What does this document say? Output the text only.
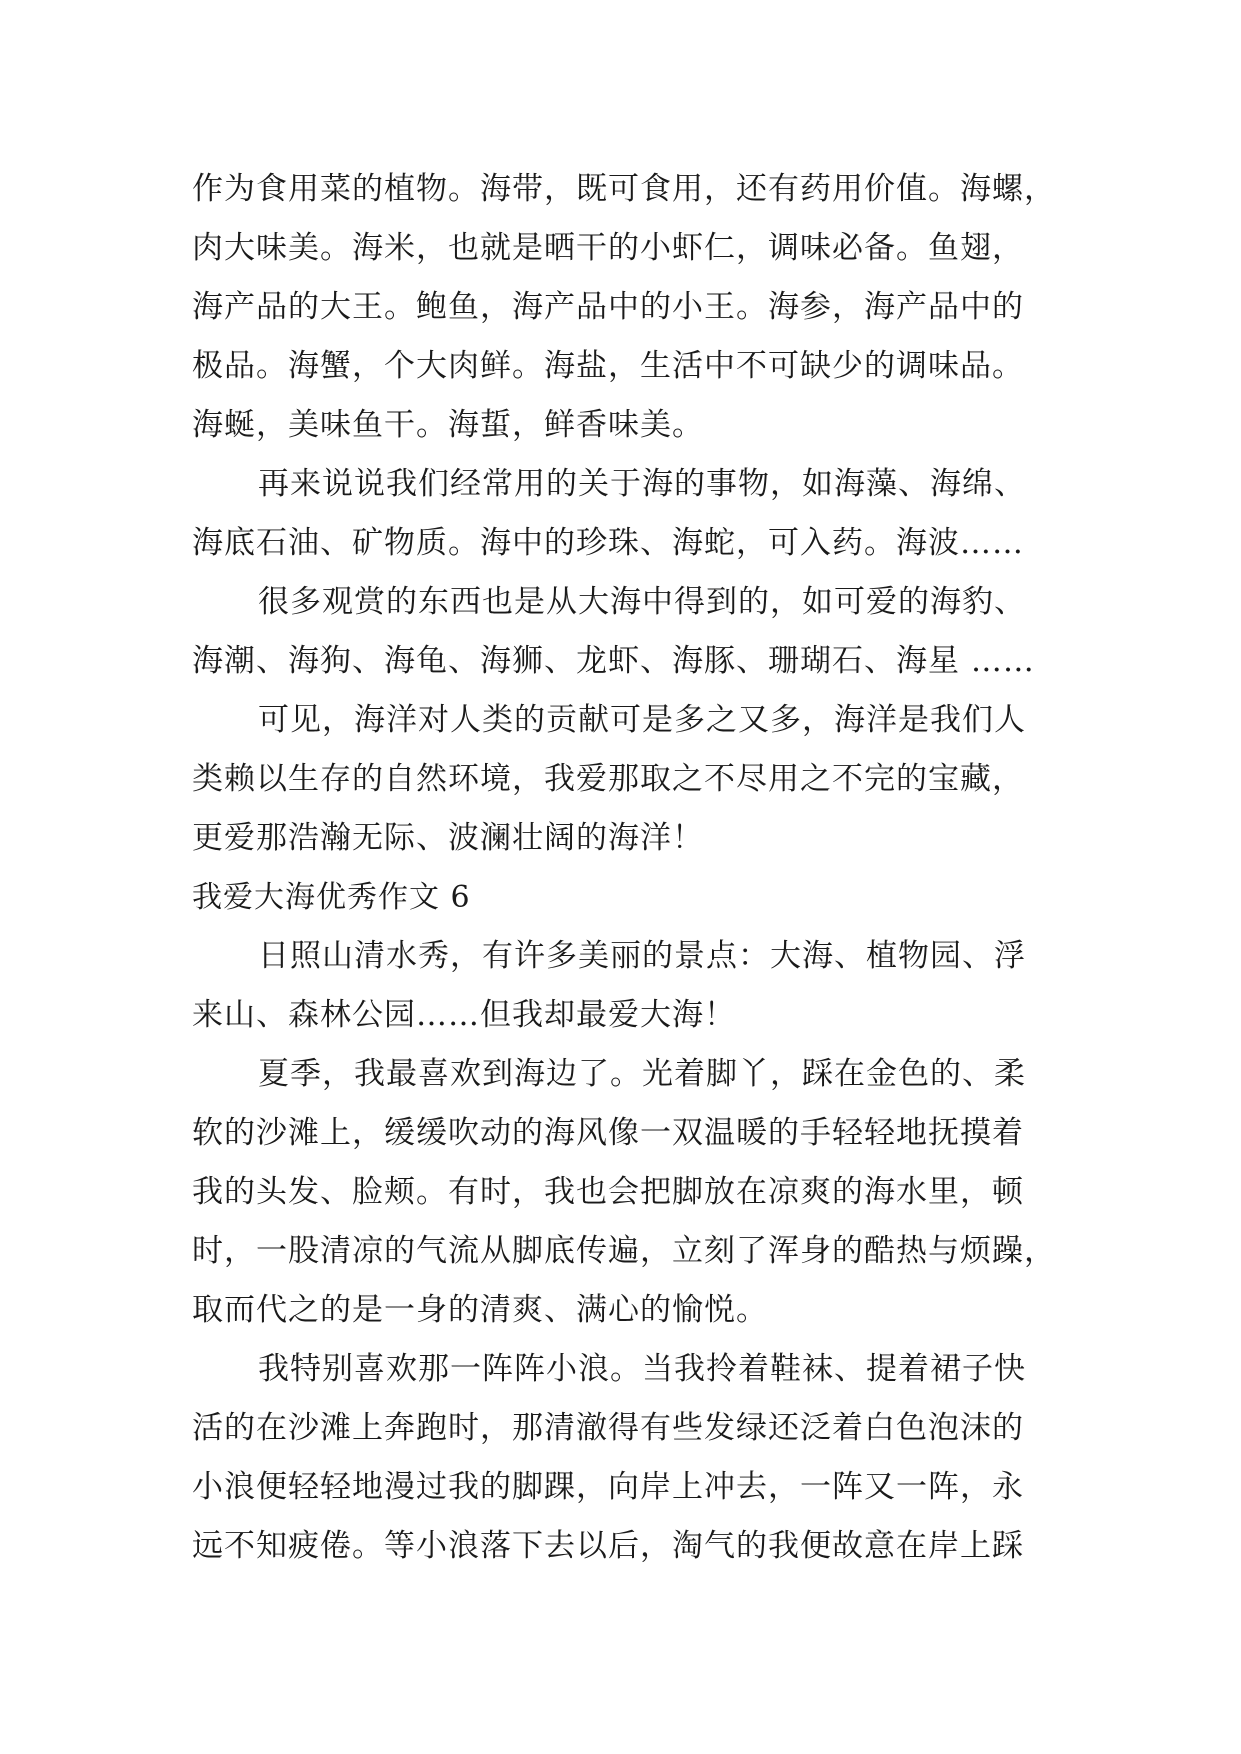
作为食用菜的植物。海带，既可食用，还有药用价值。海螺，
肉大味美。海米，也就是晒干的小虾仁，调味必备。鱼翅，
海产品的大王。鲍鱼，海产品中的小王。海参，海产品中的
极品。海蟹，个大肉鲜。海盐，生活中不可缺少的调味品。
海蜒，美味鱼干。海蜇，鲜香味美。
再来说说我们经常用的关于海的事物，如海藻、海绵、
海底石油、矿物质。海中的珍珠、海蛇，可入药。海波……
很多观赏的东西也是从大海中得到的，如可爱的海豹、
海潮、海狗、海龟、海狮、龙虾、海豚、珊瑚石、海星 ……
可见，海洋对人类的贡献可是多之又多，海洋是我们人
类赖以生存的自然环境，我爱那取之不尽用之不完的宝藏，
更爱那浩瀚无际、波澜壮阔的海洋！
我爱大海优秀作文 6
日照山清水秀，有许多美丽的景点：大海、植物园、浮
来山、森林公园……但我却最爱大海！
夏季，我最喜欢到海边了。光着脚丫，踩在金色的、柔
软的沙滩上，缓缓吹动的海风像一双温暖的手轻轻地抚摸着
我的头发、脸颊。有时，我也会把脚放在凉爽的海水里，顿
时，一股清凉的气流从脚底传遍，立刻了浑身的酷热与烦躁，
取而代之的是一身的清爽、满心的愉悦。
我特别喜欢那一阵阵小浪。当我拎着鞋袜、提着裙子快
活的在沙滩上奔跑时，那清澈得有些发绿还泛着白色泡沫的
小浪便轻轻地漫过我的脚踝，向岸上冲去，一阵又一阵，永
远不知疲倦。等小浪落下去以后，淘气的我便故意在岸上踩
